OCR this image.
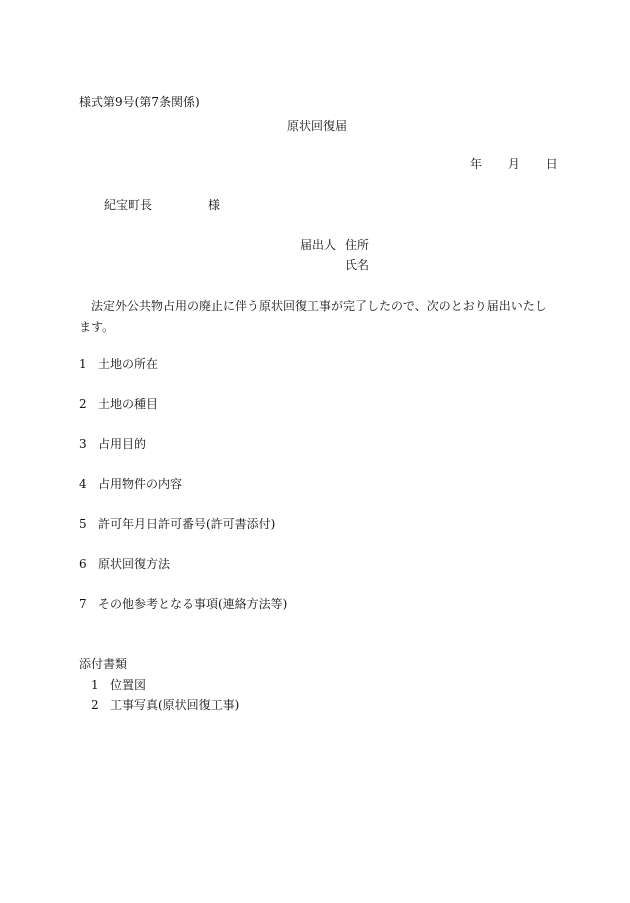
様式第9号(第7条関係)
原状回復届
年 月 日
紀宝町長	様
届出人 住所
氏名
法定外公共物占用の廃止に伴う原状回復工事が完了したので、次のとおり届出いたします。
1 土地の所在
2 土地の種目
3 占用目的
4 占用物件の内容
5 許可年月日許可番号(許可書添付)
6 原状回復方法
7 その他参考となる事項(連絡方法等)
添付書類
1 位置図
2 工事写真(原状回復工事)
